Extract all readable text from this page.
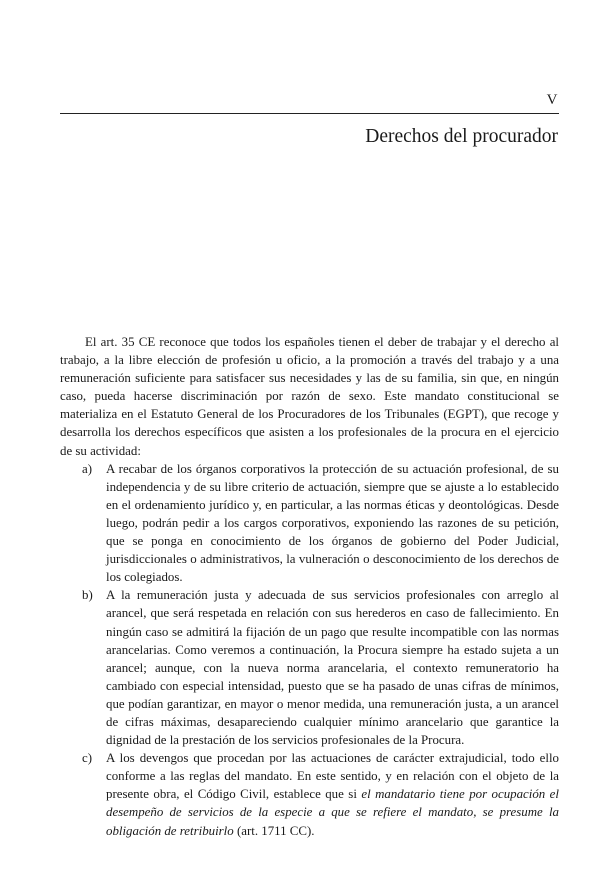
V
Derechos del procurador

El art. 35 CE reconoce que todos los españoles tienen el deber de trabajar y el derecho al trabajo, a la libre elección de profesión u oficio, a la promoción a través del trabajo y a una remuneración suficiente para satisfacer sus necesidades y las de su familia, sin que, en ningún caso, pueda hacerse discriminación por razón de sexo. Este mandato constitucional se materializa en el Estatuto General de los Procuradores de los Tribunales (EGPT), que recoge y desarrolla los derechos específicos que asisten a los profesionales de la procura en el ejercicio de su actividad:

a) A recabar de los órganos corporativos la protección de su actuación profesional, de su independencia y de su libre criterio de actuación, siempre que se ajuste a lo establecido en el ordenamiento jurídico y, en particular, a las normas éticas y deontológicas. Desde luego, podrán pedir a los cargos corporativos, exponiendo las razones de su petición, que se ponga en conocimiento de los órganos de gobierno del Poder Judicial, jurisdiccionales o administrativos, la vulneración o desconocimiento de los derechos de los colegiados.
b) A la remuneración justa y adecuada de sus servicios profesionales con arreglo al arancel, que será respetada en relación con sus herederos en caso de fallecimiento. En ningún caso se admitirá la fijación de un pago que resulte incompatible con las normas arancelarias. Como veremos a continuación, la Procura siempre ha estado sujeta a un arancel; aunque, con la nueva norma arancelaria, el contexto remuneratorio ha cambiado con especial intensidad, puesto que se ha pasado de unas cifras de mínimos, que podían garantizar, en mayor o menor medida, una remuneración justa, a un arancel de cifras máximas, desapareciendo cualquier mínimo arancelario que garantice la dignidad de la prestación de los servicios profesionales de la Procura.
c) A los devengos que procedan por las actuaciones de carácter extrajudicial, todo ello conforme a las reglas del mandato. En este sentido, y en relación con el objeto de la presente obra, el Código Civil, establece que si el mandatario tiene por ocupación el desempeño de servicios de la especie a que se refiere el mandato, se presume la obligación de retribuirlo (art. 1711 CC).
